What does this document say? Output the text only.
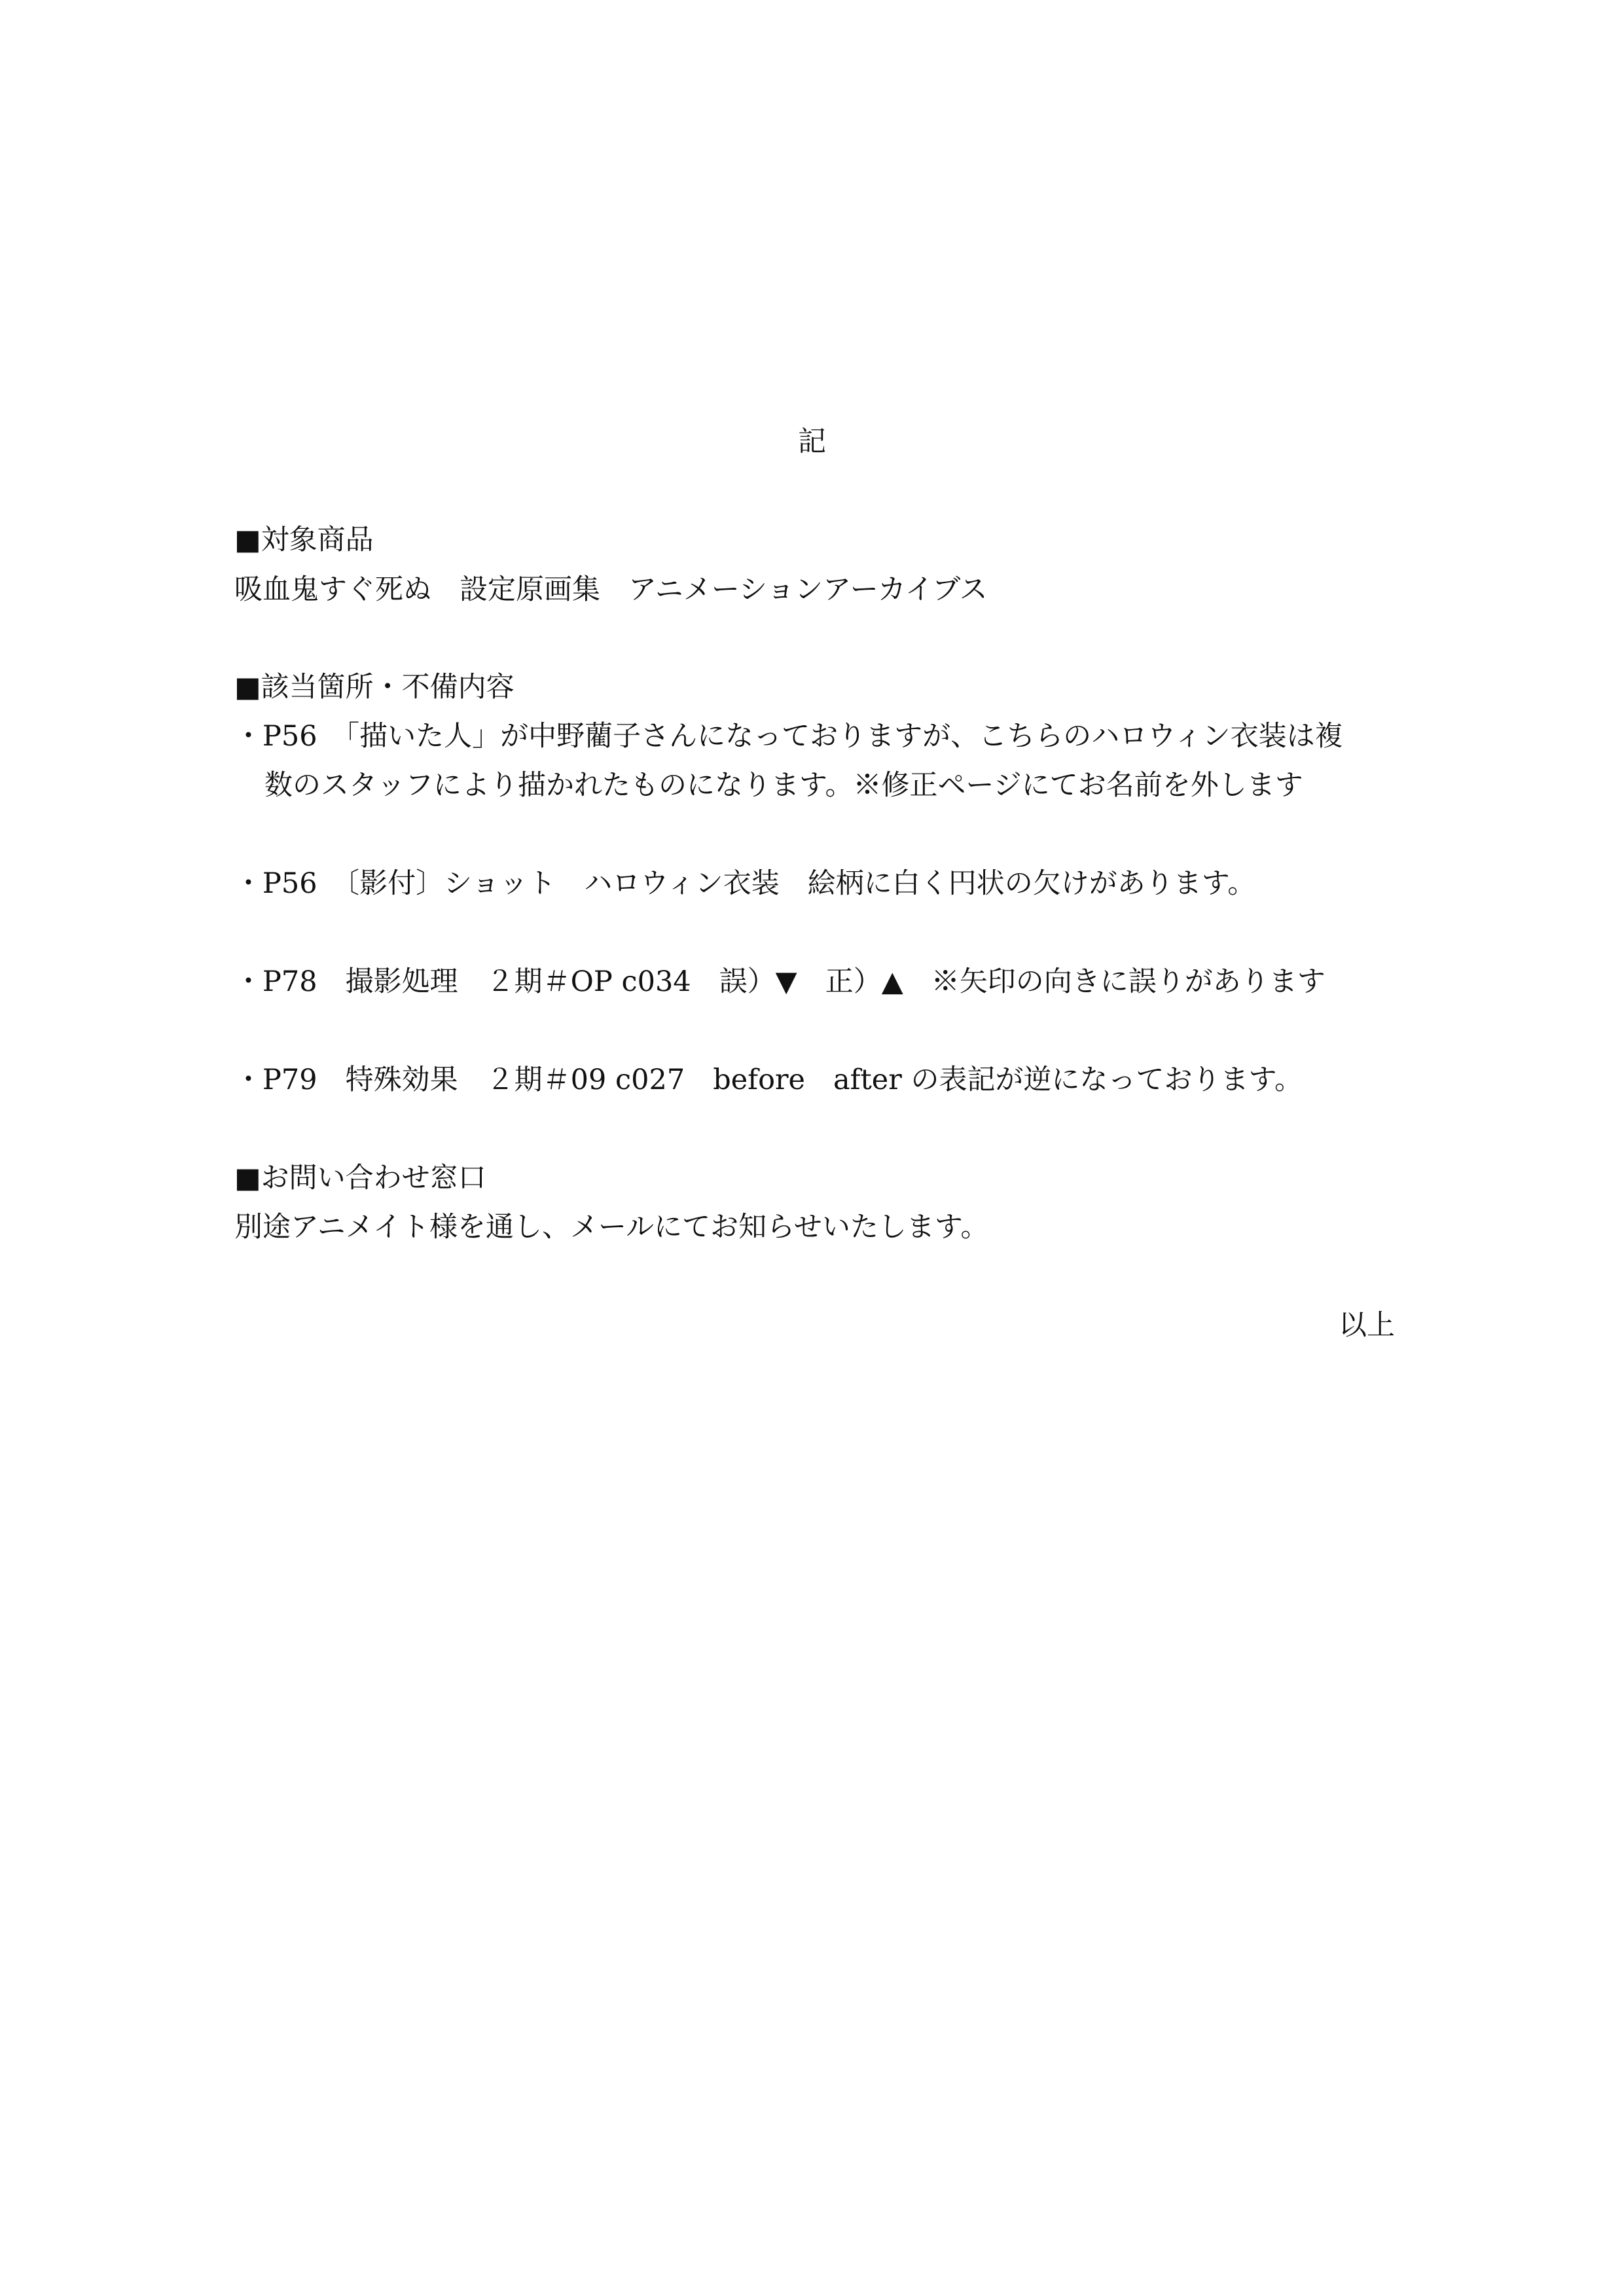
記
■対象商品
吸血鬼すぐ死ぬ　設定原画集　アニメーションアーカイブス
■該当箇所・不備内容
・P56　「描いた人」が中野藺子さんになっておりますが、こちらのハロウィン衣装は複
数のスタッフにより描かれたものになります。※修正ページにてお名前を外します
・P56　〔影付〕ショット　ハロウィン衣装　絵柄に白く円状の欠けがあります。
・P78　撮影処理　２期＃OP c034　誤）▼　正）▲　※矢印の向きに誤りがあります
・P79　特殊効果　２期＃09 c027　before　after の表記が逆になっております。
■お問い合わせ窓口
別途アニメイト様を通し、メールにてお知らせいたします。
以上
